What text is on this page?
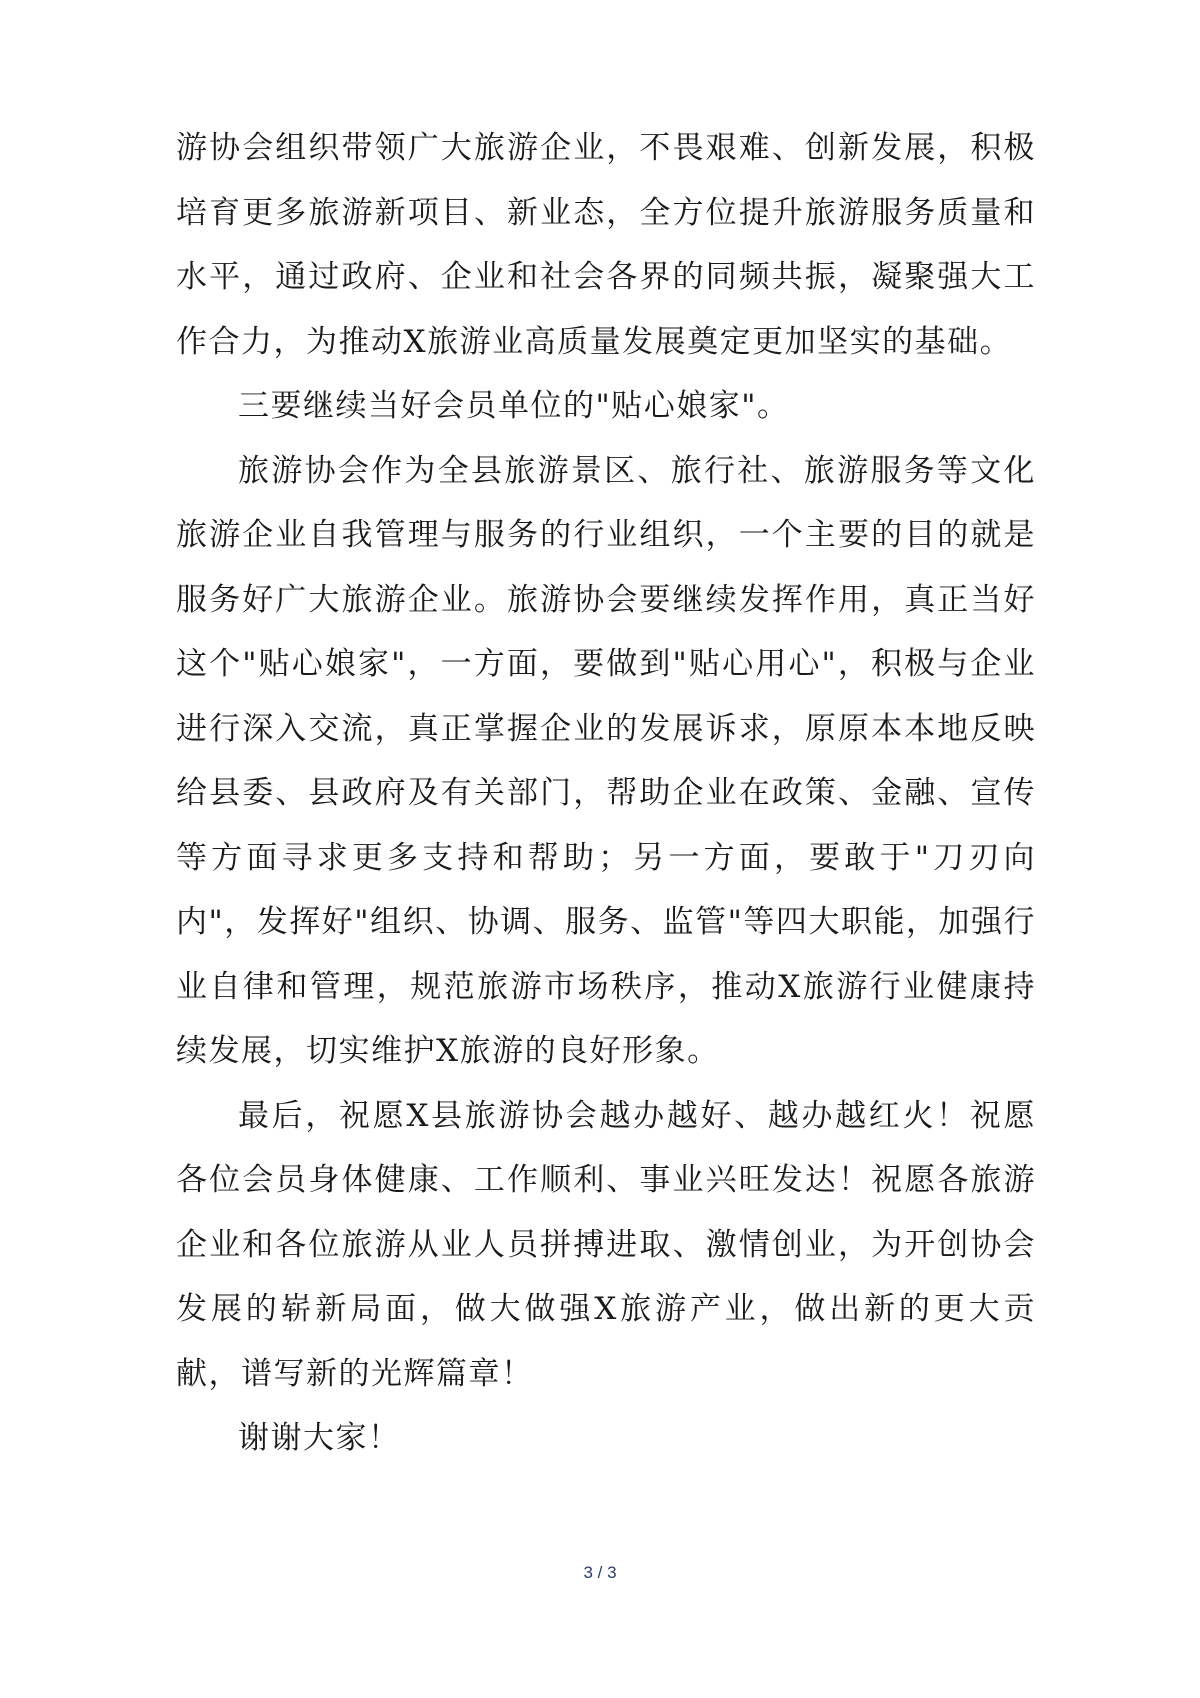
游协会组织带领广大旅游企业，不畏艰难、创新发展，积极培育更多旅游新项目、新业态，全方位提升旅游服务质量和水平，通过政府、企业和社会各界的同频共振，凝聚强大工作合力，为推动X旅游业高质量发展奠定更加坚实的基础。

三要继续当好会员单位的"贴心娘家"。

旅游协会作为全县旅游景区、旅行社、旅游服务等文化旅游企业自我管理与服务的行业组织，一个主要的目的就是服务好广大旅游企业。旅游协会要继续发挥作用，真正当好这个"贴心娘家"，一方面，要做到"贴心用心"，积极与企业进行深入交流，真正掌握企业的发展诉求，原原本本地反映给县委、县政府及有关部门，帮助企业在政策、金融、宣传等方面寻求更多支持和帮助；另一方面，要敢于"刀刃向内"，发挥好"组织、协调、服务、监管"等四大职能，加强行业自律和管理，规范旅游市场秩序，推动X旅游行业健康持续发展，切实维护X旅游的良好形象。

最后，祝愿X县旅游协会越办越好、越办越红火！祝愿各位会员身体健康、工作顺利、事业兴旺发达！祝愿各旅游企业和各位旅游从业人员拼搏进取、激情创业，为开创协会发展的崭新局面，做大做强X旅游产业，做出新的更大贡献，谱写新的光辉篇章！

谢谢大家！

3 / 3
